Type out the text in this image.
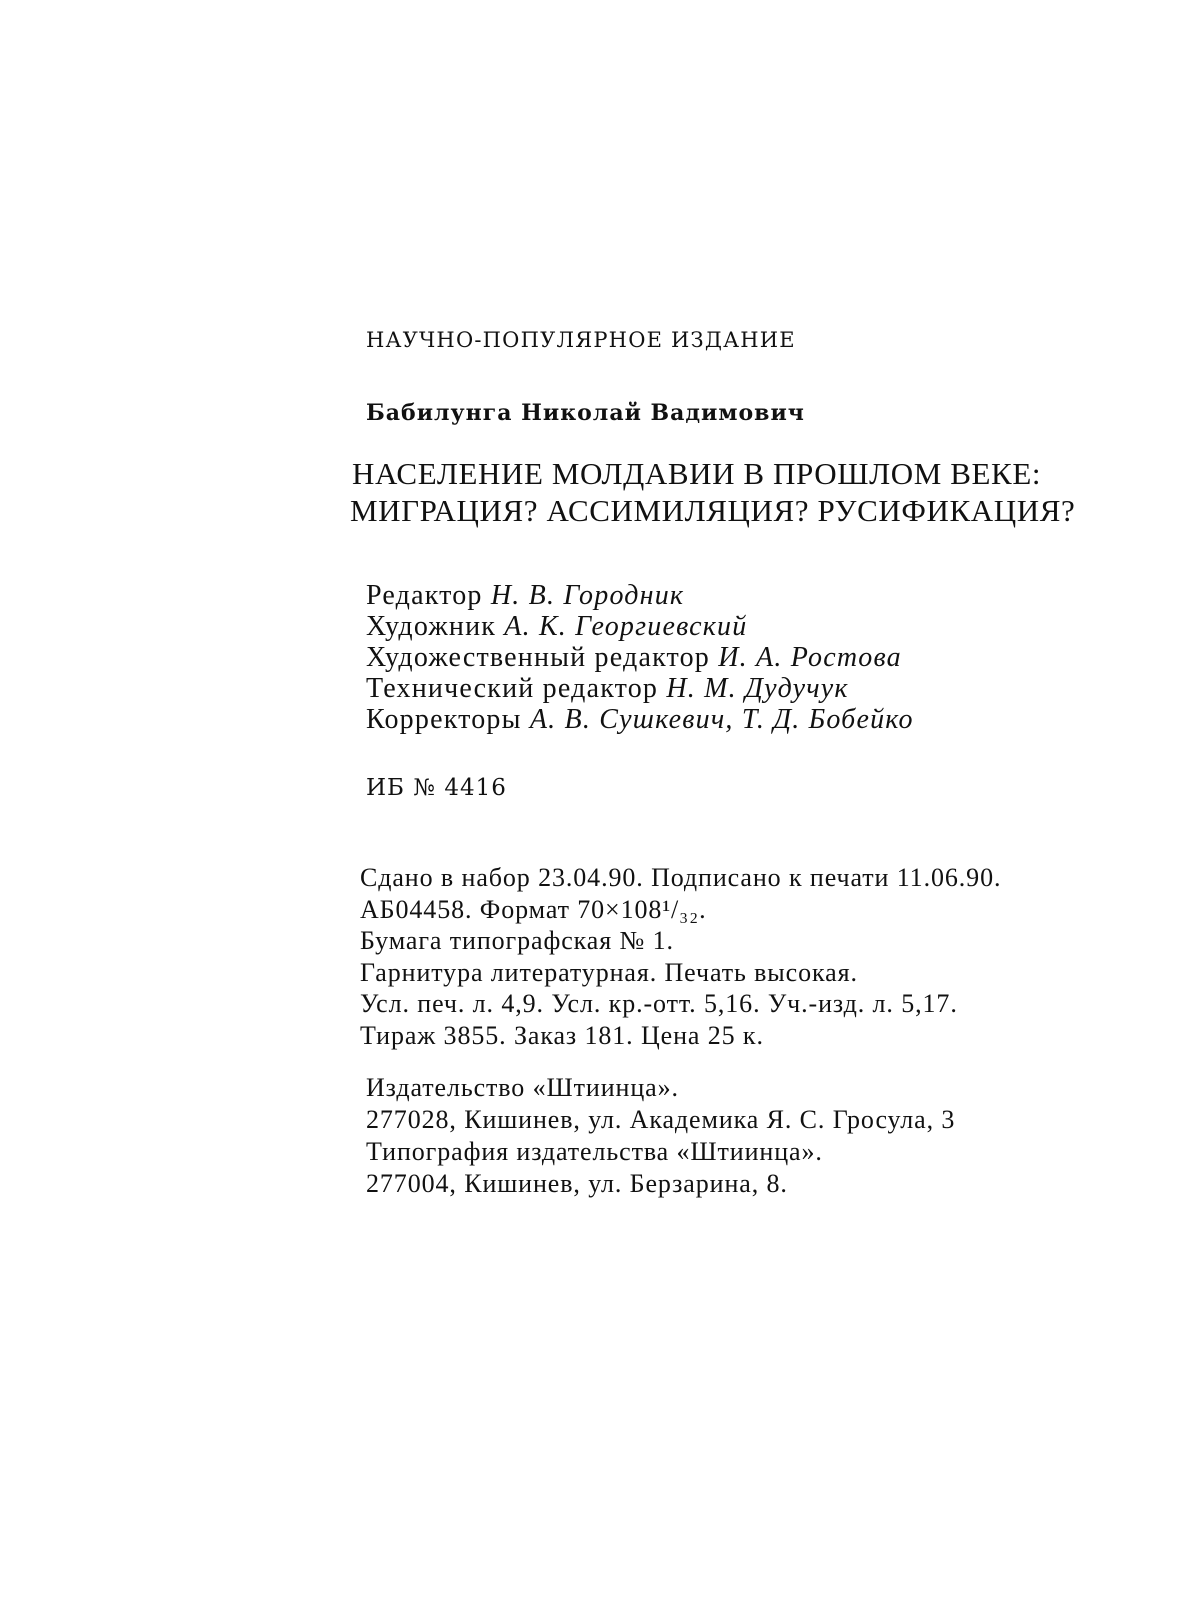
НАУЧНО-ПОПУЛЯРНОЕ ИЗДАНИЕ
Бабилунга Николай Вадимович
НАСЕЛЕНИЕ МОЛДАВИИ В ПРОШЛОМ ВЕКЕ:
МИГРАЦИЯ? АССИМИЛЯЦИЯ? РУСИФИКАЦИЯ?
Редактор Н. В. Городник
Художник А. К. Георгиевский
Художественный редактор И. А. Ростова
Технический редактор Н. М. Дудучук
Корректоры А. В. Сушкевич, Т. Д. Бобейко
ИБ № 4416
Сдано в набор 23.04.90. Подписано к печати 11.06.90.
АБ04458. Формат 70×108¹/₃₂.
Бумага типографская № 1.
Гарнитура литературная. Печать высокая.
Усл. печ. л. 4,9. Усл. кр.-отт. 5,16. Уч.-изд. л. 5,17.
Тираж 3855. Заказ 181. Цена 25 к.
Издательство «Штиинца».
277028, Кишинев, ул. Академика Я. С. Гросула, 3
Типография издательства «Штиинца».
277004, Кишинев, ул. Берзарина, 8.
